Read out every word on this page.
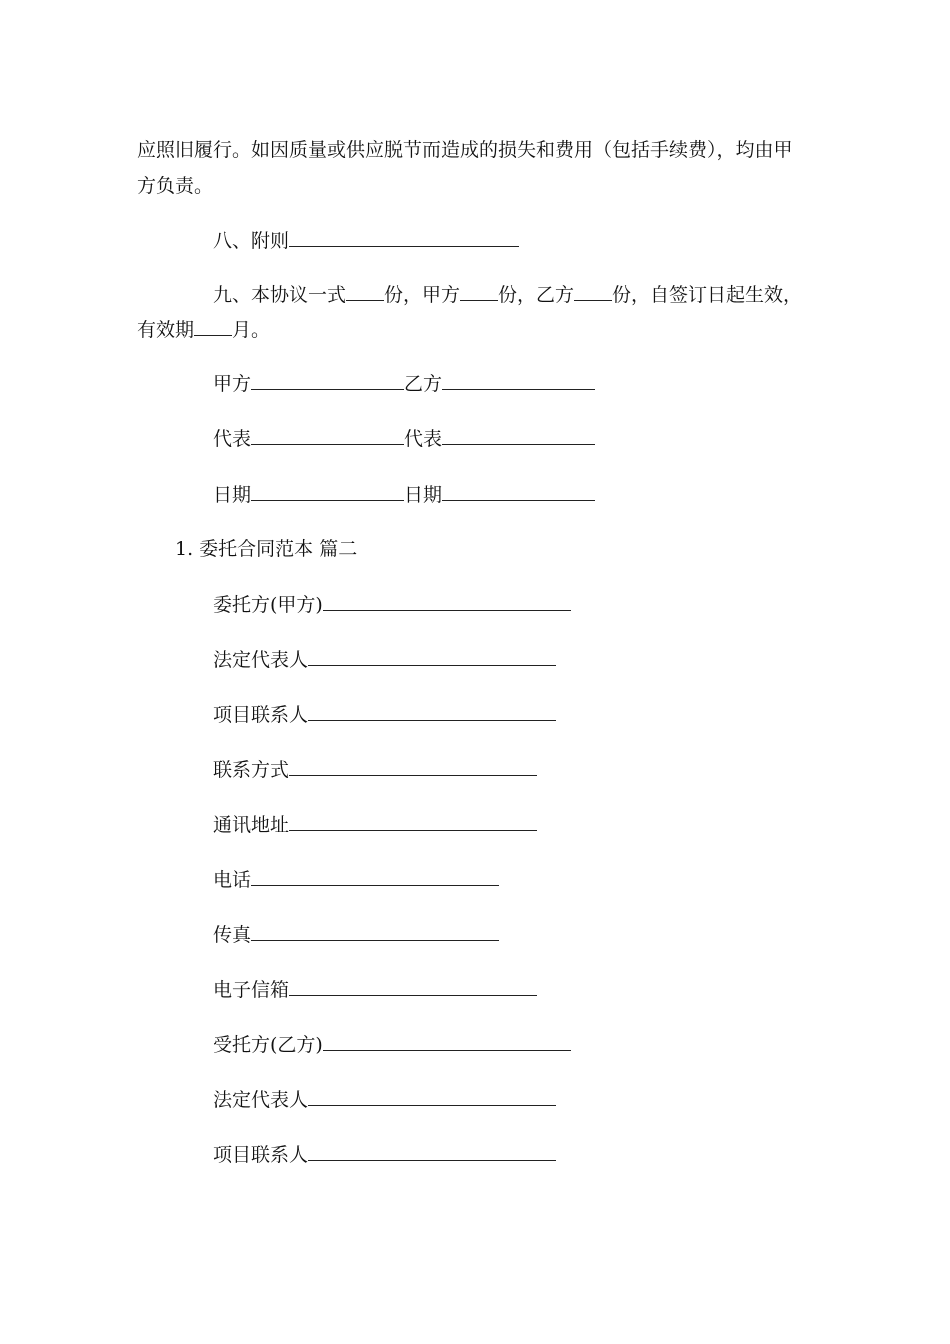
应照旧履行。如因质量或供应脱节而造成的损失和费用（包括手续费），均由甲
方负责。
八、附则
九、本协议一式 份，甲方 份，乙方 份，自签订日起生效，
有效期 月。
甲方	乙方
代表	代表
日期	日期
1. 委托合同范本 篇二
委托方(甲方)
法定代表人
项目联系人
联系方式
通讯地址
电话
传真
电子信箱
受托方(乙方)
法定代表人
项目联系人
